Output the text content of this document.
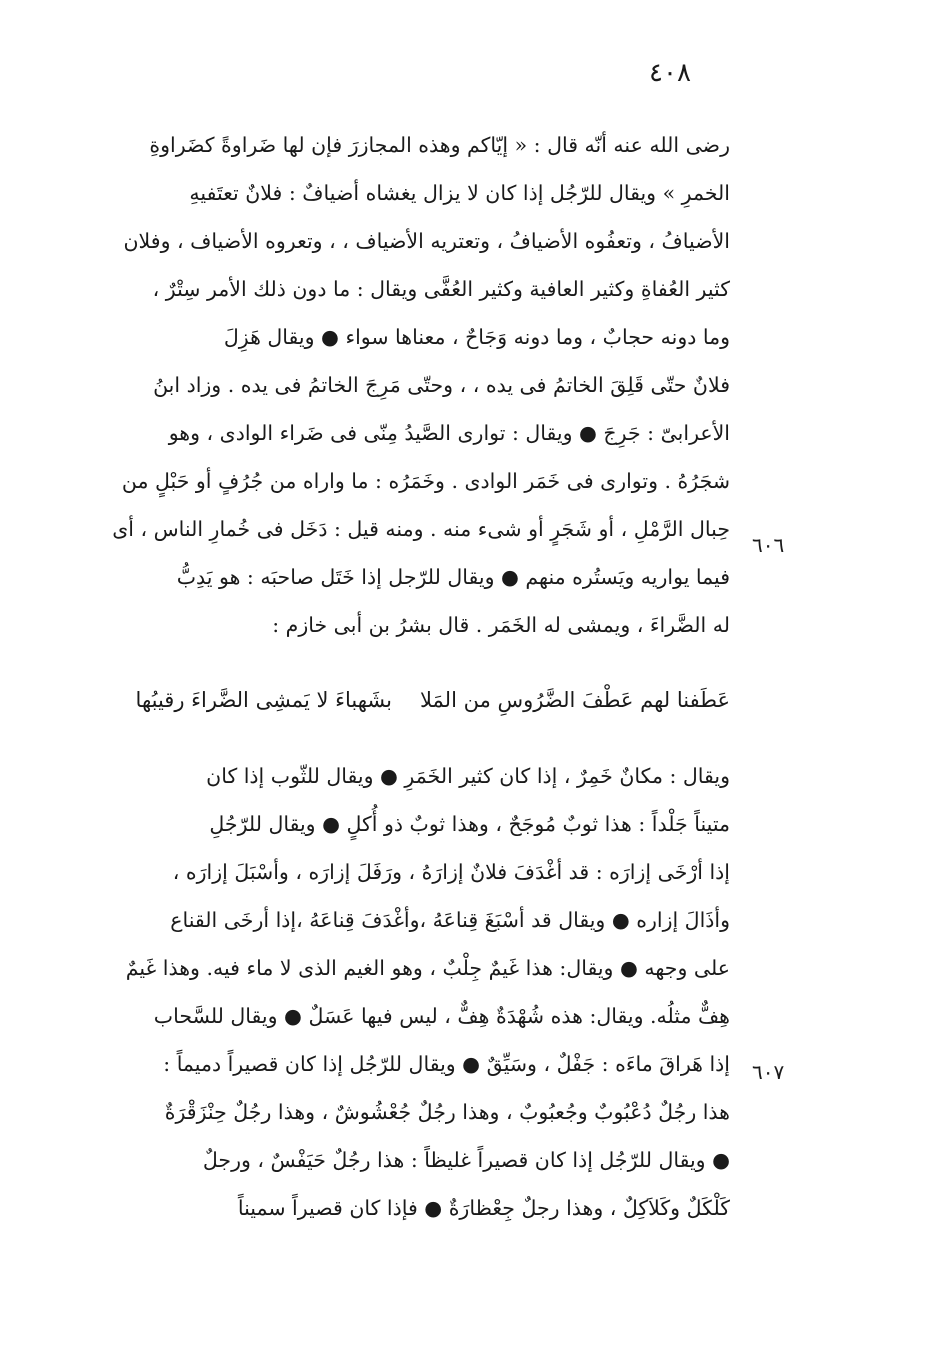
٤٠٨
رضى الله عنه أنّه قال : « إيّاكم وهذه المجازرَ فإن لها ضَراوةً كضَراوةِ
الخمرِ » ويقال للرّجُل إذا كان لا يزال يغشاه أضيافٌ : فلانٌ تعتَفيهِ
الأضيافُ ، وتعفُوه الأضيافُ ، وتعتريه الأضياف ، ، وتعروه الأضياف ، وفلان
كثير العُفاةِ وكثير العافية وكثير العُفَّى ويقال : ما دون ذلك الأمر سِتْرٌ ،
وما دونه حجابٌ ، وما دونه وَجَاحٌ ، معناها سواء ● ويقال هَزِلَ
فلانٌ حتّى قَلِقَ الخاتمُ فى يده ، ، وحتّى مَرِجَ الخاتمُ فى يده . وزاد ابنُ
الأعرابىّ : جَرِجَ ● ويقال : توارى الصَّيدُ مِنّى فى ضَراء الوادى ، وهو
شجَرُهُ . وتوارى فى خَمَر الوادى . وخَمَرُه : ما واراه من جُرُفٍ أو حَبْلٍ من
حِبال الرَّمْلِ ، أو شَجَرٍ أو شىء منه . ومنه قيل : دَخَل فى خُمارِ الناس ، أى
فيما يواريه ويَستُره منهم ● ويقال للرّجل إذا خَتَل صاحبَه : هو يَدِبُّ
له الضَّراءَ ، ويمشى له الخَمَر . قال بشرُ بن أبى خازم :
عَطَفنا لهم عَطْفَ الضَّرُوسِ من المَلابشَهباءَ لا يَمشِى الضَّراءَ رقيبُها
ويقال : مكانٌ خَمِرٌ ، إذا كان كثير الخَمَرِ ● ويقال للثّوب إذا كان
متيناً جَلْداً : هذا ثوبٌ مُوجَحٌ ، وهذا ثوبٌ ذو أُكلٍ ● ويقال للرّجُلِ
إذا أرْخَى إزارَه : قد أغْدَفَ فلانٌ إزارَهُ ، ورَفَلَ إزارَه ، وأسْبَلَ إزارَه ،
وأذَالَ إزاره ● ويقال قد أسْبَغَ قِناعَهُ ،وأغْدَفَ قِناعَهُ ،إذا أرخَى القناع
على وجهه ● ويقال: هذا غَيمٌ جِلْبٌ ، وهو الغيم الذى لا ماء فيه. وهذا غَيمٌ
هِفٌّ مثلُه. ويقال: هذه شُهْدَةٌ هِفٌّ ، ليس فيها عَسَلٌ ● ويقال للسَّحاب
إذا هَراقَ ماءَه : جَفْلٌ ، وسَيِّقٌ ● ويقال للرّجُل إذا كان قصيراً دميماً :
هذا رجُلٌ دُعْبُوبٌ وجُعبُوبٌ ، وهذا رجُلٌ جُعْشُوشٌ ، وهذا رجُلٌ حِنْزَقْرَةٌ
● ويقال للرّجُل إذا كان قصيراً غليظاً : هذا رجُلٌ حَيَفْسٌ ، ورجلٌ
كَلْكَلٌ وكَلاَكِلٌ ، وهذا رجلٌ جِعْظارَةٌ ● فإذا كان قصيراً سميناً
٦٠٦
٦٠٧
